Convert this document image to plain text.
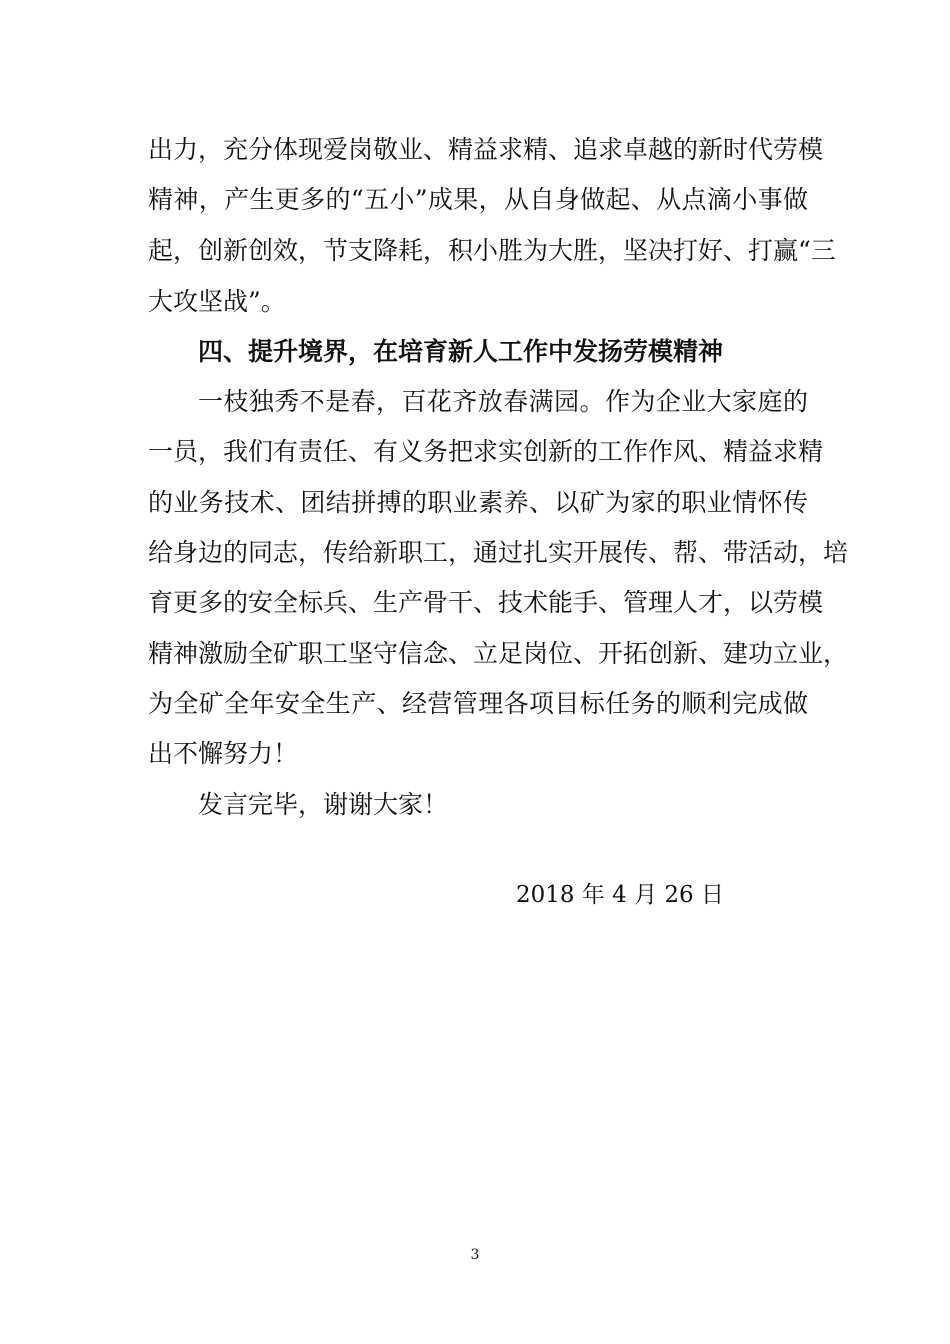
出力，充分体现爱岗敬业、精益求精、追求卓越的新时代劳模
精神，产生更多的“五小”成果，从自身做起、从点滴小事做
起，创新创效，节支降耗，积小胜为大胜，坚决打好、打赢“三
大攻坚战”。
四、提升境界，在培育新人工作中发扬劳模精神
一枝独秀不是春，百花齐放春满园。作为企业大家庭的
一员，我们有责任、有义务把求实创新的工作作风、精益求精
的业务技术、团结拼搏的职业素养、以矿为家的职业情怀传
给身边的同志，传给新职工，通过扎实开展传、帮、带活动，培
育更多的安全标兵、生产骨干、技术能手、管理人才，以劳模
精神激励全矿职工坚守信念、立足岗位、开拓创新、建功立业，
为全矿全年安全生产、经营管理各项目标任务的顺利完成做
出不懈努力！
发言完毕，谢谢大家！
2018 年 4 月 26 日
3
